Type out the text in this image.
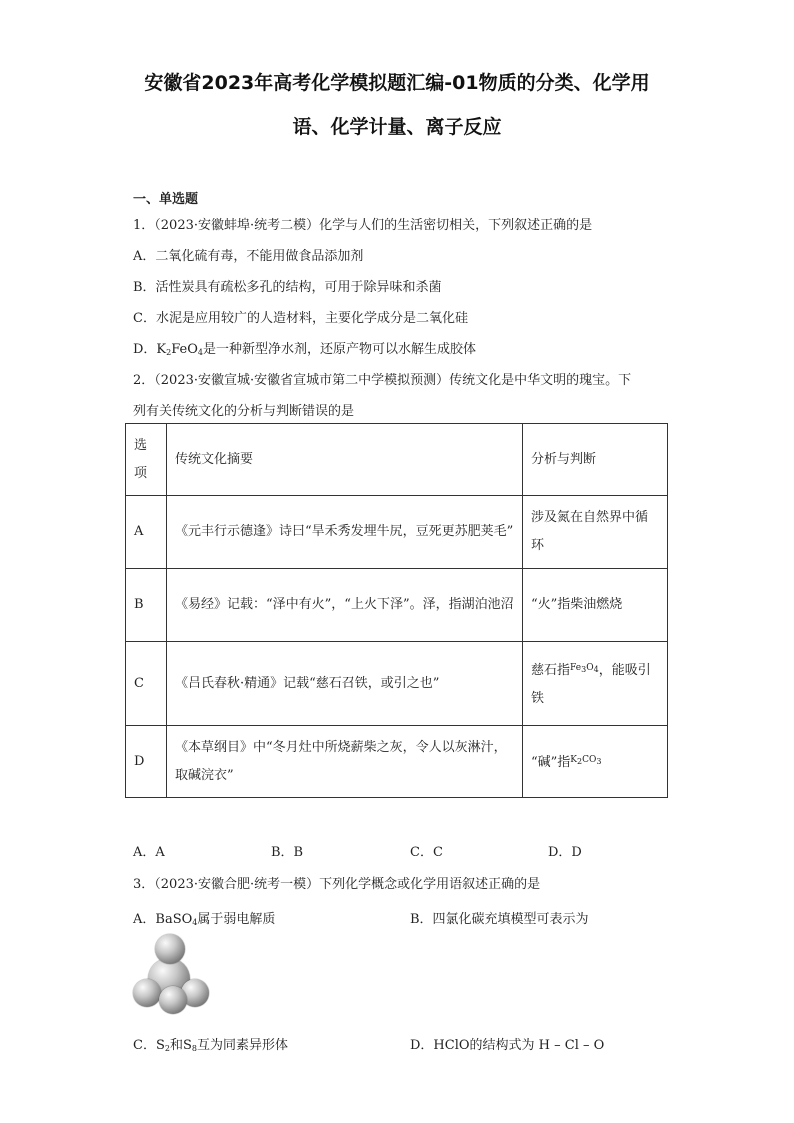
安徽省2023年高考化学模拟题汇编-01物质的分类、化学用
语、化学计量、离子反应
一、单选题
1．（2023·安徽蚌埠·统考二模）化学与人们的生活密切相关，下列叙述正确的是
A．二氧化硫有毒，不能用做食品添加剂
B．活性炭具有疏松多孔的结构，可用于除异味和杀菌
C．水泥是应用较广的人造材料，主要化学成分是二氧化硅
D．$K_2FeO_4$是一种新型净水剂，还原产物可以水解生成胶体
2．（2023·安徽宣城·安徽省宣城市第二中学模拟预测）传统文化是中华文明的瑰宝。下
列有关传统文化的分析与判断错误的是
选项	传统文化摘要	分析与判断
A	《元丰行示德逢》诗曰“旱禾秀发埋牛尻，豆死更苏肥荚毛”	涉及氮在自然界中循环
B	《易经》记载：“泽中有火”，“上火下泽”。泽，指湖泊池沼	“火”指柴油燃烧
C	《吕氏春秋·精通》记载“慈石召铁，或引之也”	慈石指$^{Fe_3O_4}$，能吸引铁
D	《本草纲目》中“冬月灶中所烧薪柴之灰，令人以灰淋汁，取碱浣衣”	“碱”指$^{K_2CO_3}$
A．A	B．B	C．C	D．D
3．（2023·安徽合肥·统考一模）下列化学概念或化学用语叙述正确的是
A．BaSO$_4$属于弱电解质	B．四氯化碳充填模型可表示为
C．$S_2$和$S_8$互为同素异形体	D．HClO的结构式为 H – Cl – O
